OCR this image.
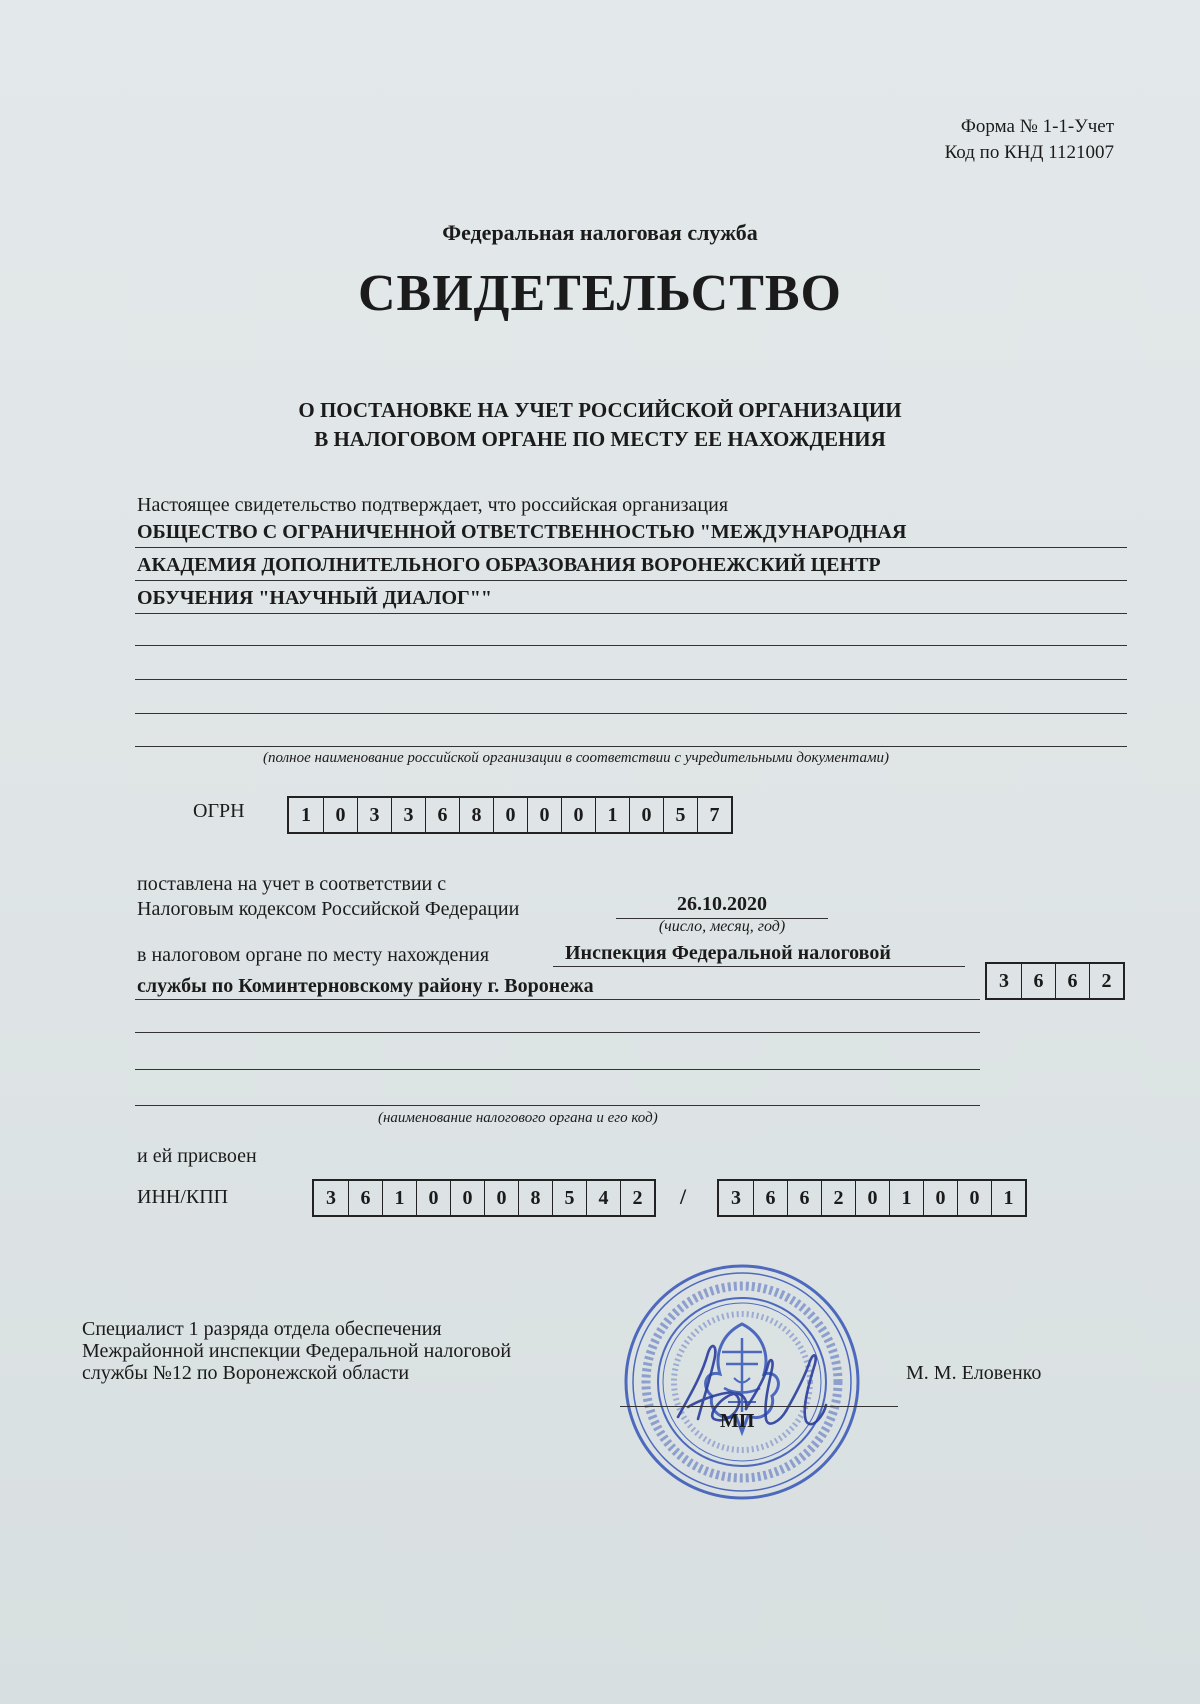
Форма № 1-1-Учет
Код по КНД 1121007
Федеральная налоговая служба
СВИДЕТЕЛЬСТВО
О ПОСТАНОВКЕ НА УЧЕТ РОССИЙСКОЙ ОРГАНИЗАЦИИ
В НАЛОГОВОМ ОРГАНЕ ПО МЕСТУ ЕЕ НАХОЖДЕНИЯ
Настоящее свидетельство подтверждает, что российская организация
ОБЩЕСТВО С ОГРАНИЧЕННОЙ ОТВЕТСТВЕННОСТЬЮ "МЕЖДУНАРОДНАЯ
АКАДЕМИЯ ДОПОЛНИТЕЛЬНОГО ОБРАЗОВАНИЯ ВОРОНЕЖСКИЙ ЦЕНТР
ОБУЧЕНИЯ "НАУЧНЫЙ ДИАЛОГ""
(полное наименование российской организации в соответствии с учредительными документами)
ОГРН	1	0	3	3	6	8	0	0	0	1	0	5	7
поставлена на учет в соответствии с
Налоговым кодексом Российской Федерации	26.10.2020
(число, месяц, год)
в налоговом органе по месту нахождения	Инспекция Федеральной налоговой
службы по Коминтерновскому району г. Воронежа	3	6	6	2
(наименование налогового органа и его код)
и ей присвоен
ИНН/КПП	3	6	1	0	0	0	8	5	4	2	/	3	6	6	2	0	1	0	0	1
Специалист 1 разряда отдела обеспечения
Межрайонной инспекции Федеральной налоговой
службы №12 по Воронежской области
МП
М. М. Еловенко
